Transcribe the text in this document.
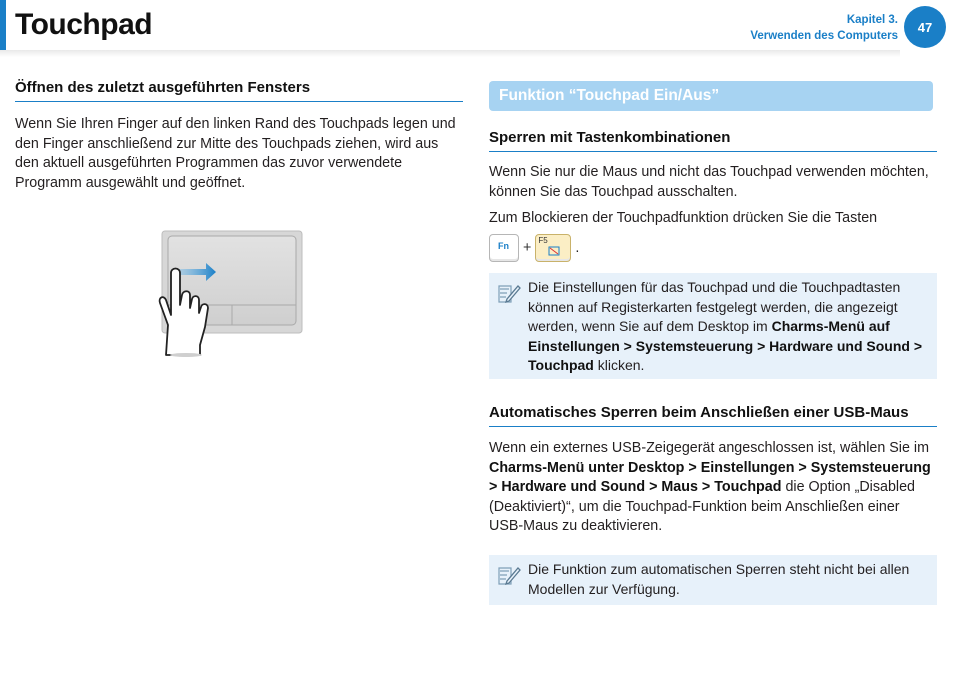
Touchpad	Kapitel 3.
Verwenden des Computers
47
Öffnen des zuletzt ausgeführten Fensters
Wenn Sie Ihren Finger auf den linken Rand des Touchpads legen und den Finger anschließend zur Mitte des Touchpads ziehen, wird aus den aktuell ausgeführten Programmen das zuvor verwendete Programm ausgewählt und geöffnet.
Funktion “Touchpad Ein/Aus”
Sperren mit Tastenkombinationen
Wenn Sie nur die Maus und nicht das Touchpad verwenden möchten, können Sie das Touchpad ausschalten.
Zum Blockieren der Touchpadfunktion drücken Sie die Tasten
Fn + F5 .
Die Einstellungen für das Touchpad und die Touchpadtasten können auf Registerkarten festgelegt werden, die angezeigt werden, wenn Sie auf dem Desktop im Charms-Menü auf Einstellungen > Systemsteuerung > Hardware und Sound > Touchpad klicken.
Automatisches Sperren beim Anschließen einer USB-Maus
Wenn ein externes USB-Zeigegerät angeschlossen ist, wählen Sie im Charms-Menü unter Desktop > Einstellungen > Systemsteuerung > Hardware und Sound > Maus > Touchpad die Option „Disabled (Deaktiviert)“, um die Touchpad-Funktion beim Anschließen einer USB-Maus zu deaktivieren.
Die Funktion zum automatischen Sperren steht nicht bei allen Modellen zur Verfügung.
